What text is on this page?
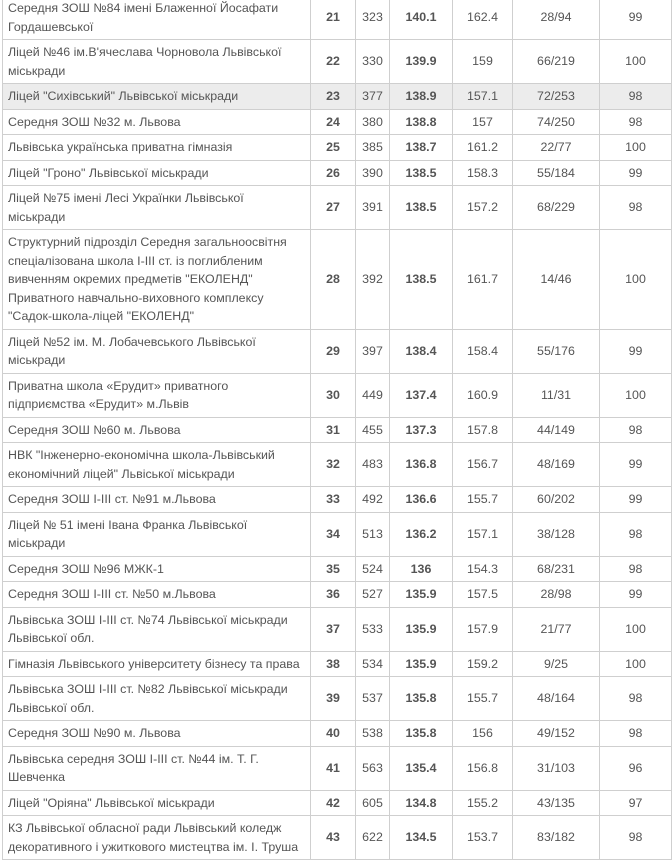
Середня ЗОШ №84 імені Блаженної Йосафати Гордашевської	21	323	140.1	162.4	28/94	99
Ліцей №46 ім.В'ячеслава Чорновола Львівської міськради	22	330	139.9	159	66/219	100
Ліцей "Сихівський" Львівської міськради	23	377	138.9	157.1	72/253	98
Середня ЗОШ №32 м. Львова	24	380	138.8	157	74/250	98
Львівська українська приватна гімназія	25	385	138.7	161.2	22/77	100
Ліцей "Гроно" Львівської міськради	26	390	138.5	158.3	55/184	99
Ліцей №75 імені Лесі Українки Львівської міськради	27	391	138.5	157.2	68/229	98
Структурний підрозділ Середня загальноосвітня спеціалізована школа І-ІІІ ст. із поглибленим вивченням окремих предметів "ЕКОЛЕНД" Приватного навчально-виховного комплексу "Садок-школа-ліцей "ЕКОЛЕНД"	28	392	138.5	161.7	14/46	100
Ліцей №52 ім. М. Лобачевського Львівської міськради	29	397	138.4	158.4	55/176	99
Приватна школа «Ерудит» приватного підприємства «Ерудит» м.Львів	30	449	137.4	160.9	11/31	100
Середня ЗОШ №60 м. Львова	31	455	137.3	157.8	44/149	98
НВК "Інженерно-економічна школа-Львівський економічний ліцей" Львіської міськради	32	483	136.8	156.7	48/169	99
Середня ЗОШ І-ІІІ ст. №91 м.Львова	33	492	136.6	155.7	60/202	99
Ліцей № 51 імені Івана Франка Львівської міськради	34	513	136.2	157.1	38/128	98
Середня ЗОШ №96 МЖК-1	35	524	136	154.3	68/231	98
Середня ЗОШ І-ІІІ ст. №50 м.Львова	36	527	135.9	157.5	28/98	99
Львівська ЗОШ І-ІІІ ст. №74 Львівської міськради Львівської обл.	37	533	135.9	157.9	21/77	100
Гімназія Львівського університету бізнесу та права	38	534	135.9	159.2	9/25	100
Львівська ЗОШ І-ІІІ ст. №82 Львівської міськради Львівської обл.	39	537	135.8	155.7	48/164	98
Середня ЗОШ №90 м. Львова	40	538	135.8	156	49/152	98
Львівська середня ЗОШ І-ІІІ ст. №44 ім. Т. Г. Шевченка	41	563	135.4	156.8	31/103	96
Ліцей "Оріяна" Львівської міськради	42	605	134.8	155.2	43/135	97
КЗ Львівської обласної ради Львівський коледж декоративного і ужиткового мистецтва ім. І. Труша	43	622	134.5	153.7	83/182	98
